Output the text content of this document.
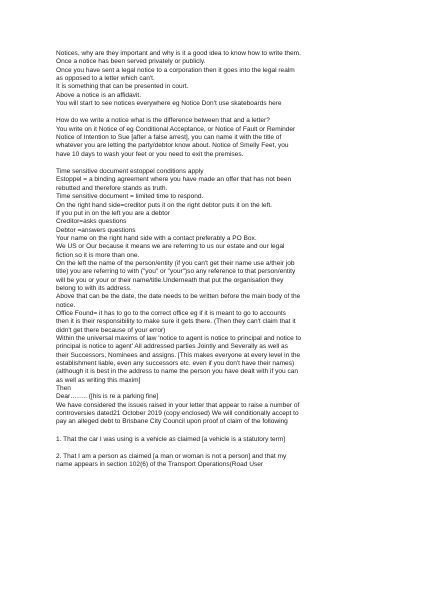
Notices, why are they important and why is it a good idea to know how to write them.
Once a notice has been served privately or publicly.
Once you have sent a legal notice to a corporation then it goes into the legal realm
as opposed to a letter which can't.
It is something that can be presented in court.
Above a notice is an affidavit.
You will start to see notices everywhere eg Notice Don't use skateboards here
How do we write a notice what is the difference between that and a letter?
You write on it Notice of eg Conditional Acceptance, or Notice of Fault or Reminder
Notice of Intention to Sue [after a false arrest], you can name it with the title of
whatever you are letting the party/debtor know about. Notice of Smelly Feet, you
have 10 days to wash your feet or you need to exit the premises.
Time sensitive document estoppel conditions apply
Estoppel = a binding agreement where you have made an offer that has not been
rebutted and therefore stands as truth.
Time sensitive document = limited time to respond.
On the right hand side=creditor puts it on the right debtor puts it on the left.
If you put in on the left you are a debtor
Creditor=asks questions
Debtor =answers questions
Your name on the right hand side with a contact preferably a PO Box.
We US or Our because it means we are referring to us our estate and our legal
fiction so it is more than one.
On the left the name of the person/entity (if you can't get their name use a/their job
title) you are referring to with ("you" or "your")so any reference to that person/entity
will be you or your or their name/title.Underneath that put the organisation they
belong to with its address.
Above that can be the date, the date needs to be written before the main body of the
notice.
Office Found= it has to go to the correct office eg if it is meant to go to accounts
then it is their responsibility to make sure it gets there. (Then they can't claim that it
didn't get there because of your error)
Within the universal maxims of law 'notice to agent is notice to principal and notice to
principal is notice to agent' All addressed parties Jointly and Severally as well as
their Successors, Nominees and assigns. [This makes everyone at every level in the
establishment liable, even any successors etc. even if you don't have their names)
(although it is best in the address to name the person you have dealt with if you can
as well as writing this maxim]
Then
Dear…….. ([his is re a parking fine]
We have considered the issues raised in your letter that appear to raise a number of
controversies dated21 October 2019 (copy enclosed) We will conditionally accept to
pay an alleged debt to Brisbane City Council upon proof of claim of the following
1. That the car I was using is a vehicle as claimed [a vehicle is a statutory term]
2. That I am a person as claimed [a man or woman is not a person] and that my
name appears in section 102(6) of the Transport Operations(Road User
